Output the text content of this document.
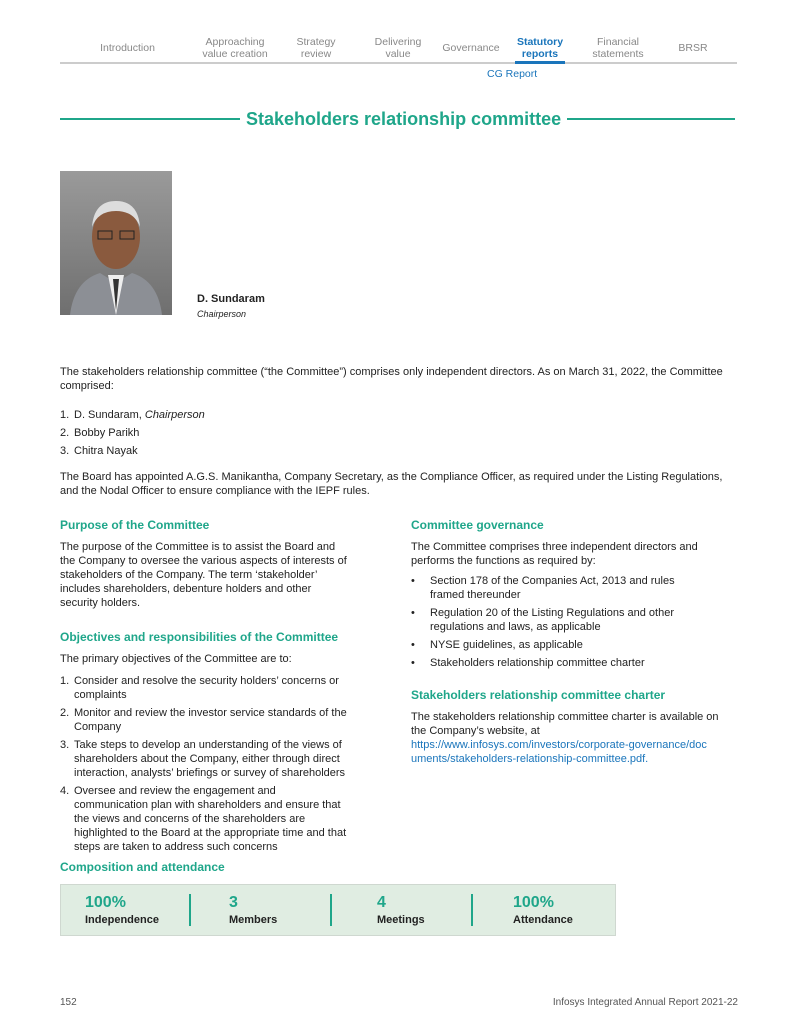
Introduction	Approaching value creation
Strategy review
Delivering value	Governance	Statutory reports
Financial statements	BRSR
CG Report
Stakeholders relationship committee
D. Sundaram
Chairperson
The stakeholders relationship committee (“the Committee”) comprises only independent directors. As on March 31, 2022, the Committee comprised:
1. D. Sundaram, Chairperson
2. Bobby Parikh
3. Chitra Nayak
The Board has appointed A.G.S. Manikantha, Company Secretary, as the Compliance Officer, as required under the Listing Regulations, and the Nodal Officer to ensure compliance with the IEPF rules.
Purpose of the Committee
The purpose of the Committee is to assist the Board and the Company to oversee the various aspects of interests of stakeholders of the Company. The term ‘stakeholder’ includes shareholders, debenture holders and other security holders.
Objectives and responsibilities of the Committee
The primary objectives of the Committee are to:
1. Consider and resolve the security holders’ concerns or complaints
2. Monitor and review the investor service standards of the Company
3. Take steps to develop an understanding of the views of shareholders about the Company, either through direct interaction, analysts’ briefings or survey of shareholders
4. Oversee and review the engagement and communication plan with shareholders and ensure that the views and concerns of the shareholders are highlighted to the Board at the appropriate time and that steps are taken to address such concerns
Committee governance
The Committee comprises three independent directors and performs the functions as required by:
•	Section 178 of the Companies Act, 2013 and rules framed thereunder
•	Regulation 20 of the Listing Regulations and other regulations and laws, as applicable
•	NYSE guidelines, as applicable
•	Stakeholders relationship committee charter
Stakeholders relationship committee charter
The stakeholders relationship committee charter is available on the Company’s website, at
https://www.infosys.com/investors/corporate-governance/documents/stakeholders-relationship-committee.pdf.
Composition and attendance
100%
Independence
3
Members
4
Meetings
100%
Attendance
152	Infosys Integrated Annual Report 2021-22
